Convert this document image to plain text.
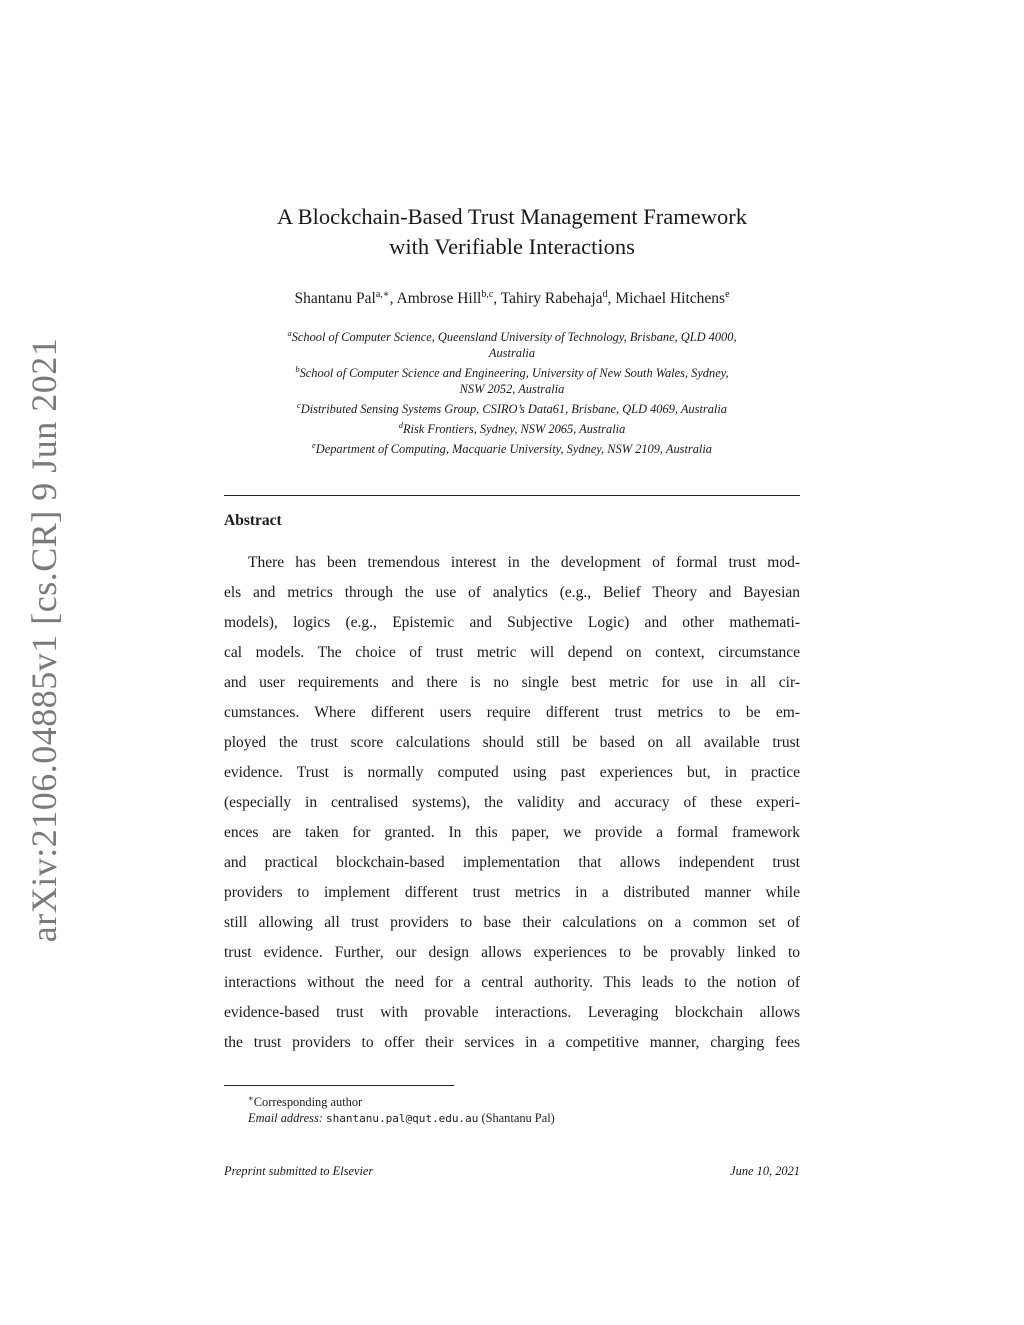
arXiv:2106.04885v1 [cs.CR] 9 Jun 2021
A Blockchain-Based Trust Management Framework
with Verifiable Interactions
Shantanu Pal$^{a,∗}$, Ambrose Hill$^{b,c}$, Tahiry Rabehaja$^d$, Michael Hitchens$^e$
$^a$School of Computer Science, Queensland University of Technology, Brisbane, QLD 4000,
Australia
$^b$School of Computer Science and Engineering, University of New South Wales, Sydney,
NSW 2052, Australia
$^c$Distributed Sensing Systems Group, CSIRO’s Data61, Brisbane, QLD 4069, Australia
$^d$Risk Frontiers, Sydney, NSW 2065, Australia
$^e$Department of Computing, Macquarie University, Sydney, NSW 2109, Australia
Abstract
There has been tremendous interest in the development of formal trust mod-
els and metrics through the use of analytics (e.g., Belief Theory and Bayesian
models), logics (e.g., Epistemic and Subjective Logic) and other mathemati-
cal models. The choice of trust metric will depend on context, circumstance
and user requirements and there is no single best metric for use in all cir-
cumstances. Where different users require different trust metrics to be em-
ployed the trust score calculations should still be based on all available trust
evidence. Trust is normally computed using past experiences but, in practice
(especially in centralised systems), the validity and accuracy of these experi-
ences are taken for granted. In this paper, we provide a formal framework
and practical blockchain-based implementation that allows independent trust
providers to implement different trust metrics in a distributed manner while
still allowing all trust providers to base their calculations on a common set of
trust evidence. Further, our design allows experiences to be provably linked to
interactions without the need for a central authority. This leads to the notion of
evidence-based trust with provable interactions. Leveraging blockchain allows
the trust providers to offer their services in a competitive manner, charging fees
∗Corresponding author
Email address: shantanu.pal@qut.edu.au (Shantanu Pal)
Preprint submitted to Elsevier	June 10, 2021
